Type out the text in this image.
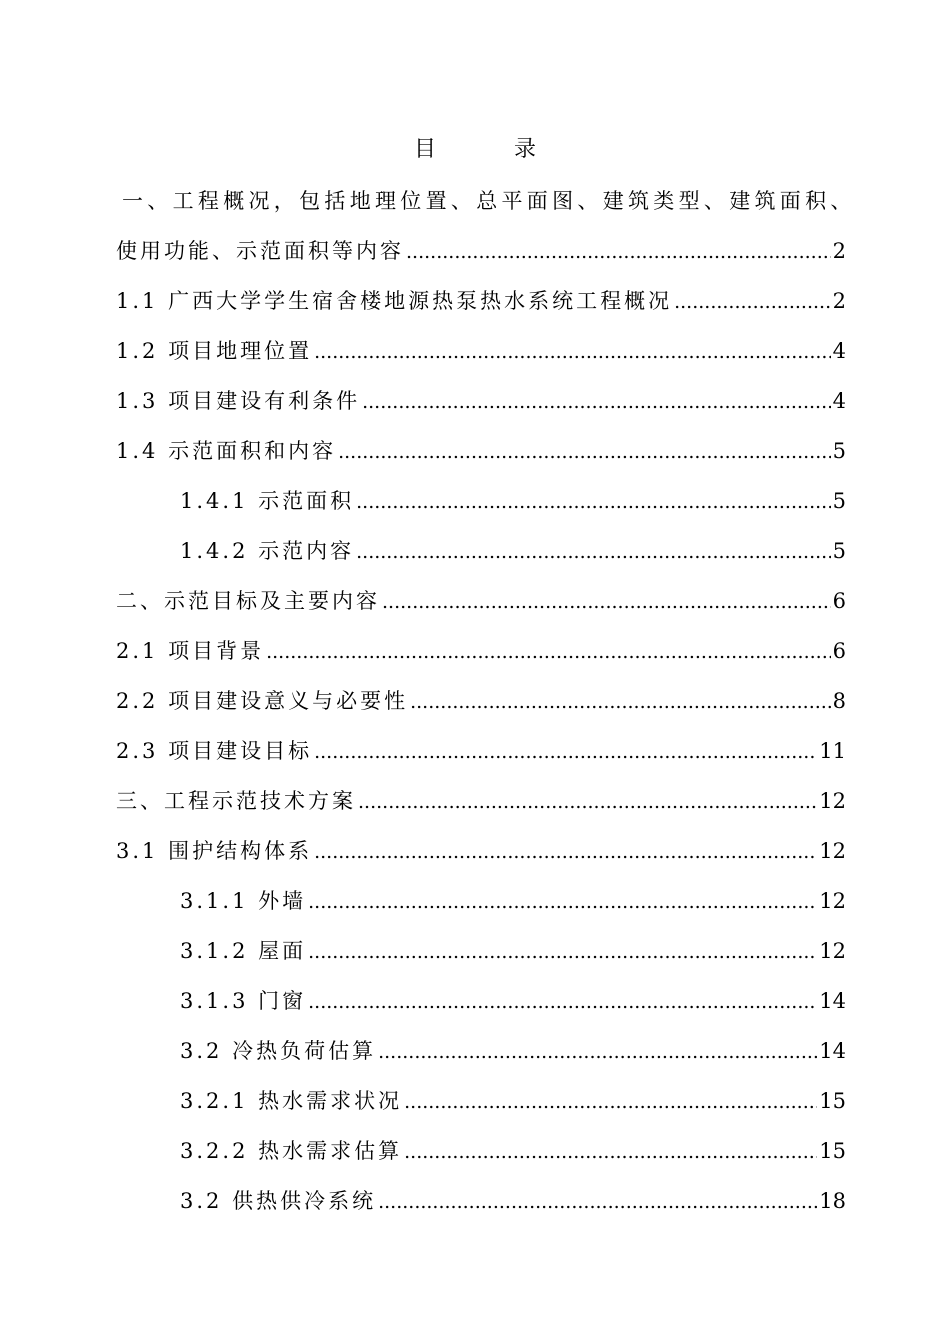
目　录
一、工程概况，包括地理位置、总平面图、建筑类型、建筑面积、
使用功能、示范面积等内容 .....	2
1.1 广西大学学生宿舍楼地源热泵热水系统工程概况 .....	2
1.2 项目地理位置 .....	4
1.3 项目建设有利条件 .....	4
1.4 示范面积和内容 .....	5
1.4.1 示范面积 .....	5
1.4.2 示范内容 .....	5
二、示范目标及主要内容 .....	6
2.1 项目背景 .....	6
2.2 项目建设意义与必要性 .....	8
2.3 项目建设目标 .....	11
三、工程示范技术方案 .....	12
3.1 围护结构体系 .....	12
3.1.1 外墙 .....	12
3.1.2 屋面 .....	12
3.1.3 门窗 .....	14
3.2 冷热负荷估算 .....	14
3.2.1 热水需求状况 .....	15
3.2.2 热水需求估算 .....	15
3.2 供热供冷系统 .....	18
